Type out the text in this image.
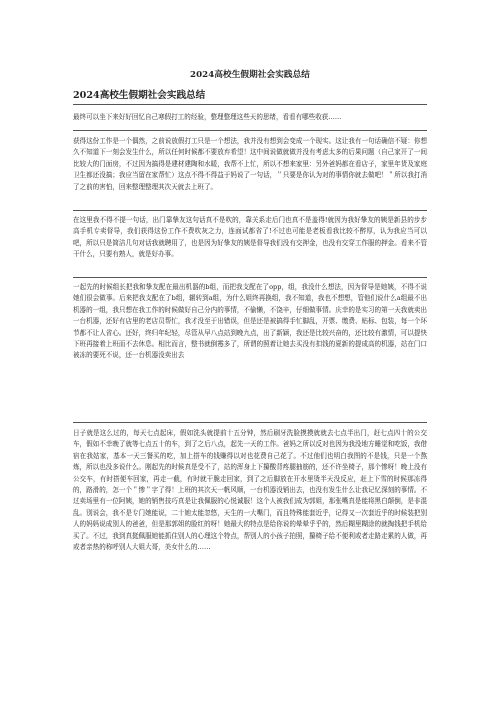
2024高校生假期社会实践总结
2024高校生假期社会实践总结

最终可以坐下来好好回忆自己寒假打工的经验，整理整理这些天的思绪，看看有哪些收获……

获得这份工作是一个偶然，之前说放假打工只是一个想法，我并没有想到会变成一个现实。这让我有一句话确信不疑：你想久不知道下一刻会发生什么，所以任何时候都不要放弃希望！这中间说做就做并没有考虑太多的后果问题（自己家开了一间比较大的门面房，不过因为搞得是建材建陶和水暖，我帮不上忙，所以不想来家里：另外爸妈都在看店子，家里年货及家庭卫生都还没搞；我应当留在家帮忙）这点不得不得益于妈说了一句话，＂只要是你认为对的事情你就去做吧！＂所以我打消了之前的害怕，回来整理整理其次天就去上班了。

在这里我不得不提一句话，出门靠挚友这句话真不是吹的，靠关系走后门也真不是盖得!就因为我好挚友的姨是新县的步步高手机专卖督导，我们获得这份工作不费吹灰之力，连面试都省了!不过也可能是老板看我比较不醉厚，认为我应当可以吧，所以只是简洁几句对话我就聘用了，也是因为好挚友的姨是督导我们没有交押金，也没有交穿工作服的押金。看来不管干什么，只要有熟人，就是好办事。

一起先的时候组长把我和挚友配在最出机器的b组，而把我支配在了opp，组，我没什么想法，因为督导是她姨，不得不说她们很会做事。后来把我支配在了b组，辗转到a组，为什么姐终再换组，我不知道，我也不想想，管他们说什么a组最不出机器的一组，我只想在我工作的时候做好自己分内的事情，不偷懒，不饶辛，仔细做事情。庆幸的是实习的第一天我就卖出一台机器，还好有店里的老店员帮忙，我才没至于出错误，但是还是被搞得手忙脚乱，开票、缴费、贴标、包装，每一个环节都不让人省心。还好，终归年纪轻，尽管从早八点站到晚九点，出了新颖，我还是比较兴奋的，还比较有激情，可以提快下班再接着上班而不去休息。相比而言，整书就倒霉多了，所谓的照着让她去买没有扣钱的夏新的提成高的机器，站在门口被冻的要死不说，还一台机器没卖出去

日子就是这么过的，每天七点起床，假如洗头就提前十五分钟，然后刷牙洗脸摸摸就就去七点半出门，赶七点四十的公交车，假如不幸晚了就等七点五十的车，到了之后八点，起先一天的工作。爸妈之所以反对也因为我没地方睡觉和吃饭，我借宿在我姑家，基本一天三餐买的吃，加上搭车的钱赚得以对也花费自己花了。不过他们也明白我图的不是钱，只是一个熬炼，所以也没多说什么。刚起先的时候真是受不了，站的浑身上下攥酸背疼腿抽筋的，还不许坐椅子，那个惨呀！晚上没有公交车，有时搭便车回家，再走一截，有时就干脆走回家，到了之后脚放在开水里烫半天没反应，赶上下雪的时候那冻得的，路滑的，怎一个＂惨＂字了得！上班的其次天一帆风顺，一台机器没销出去，也没有发生什么让我记忆深刻的事情。不过卖场里有一位阿姨，她的销售技巧真是让我佩服的心悦诚服！这个人被我们成为郭姐，那张嘴真是能将黑白颠倒，是非混乱。别说会，我不是专门她能说，二十她太能忽悠，天生的一大嘴门，而且特殊能套近乎，记得又一次套近乎的时候装把别人的妈妈说成别人的爸爸，但是那郭姐的脸红的呀！她最大的特点是给你说的晕晕乎乎的，然后糊里糊涂的就掏钱把手机给买了。不过，我到真挺佩服她能抓住别人的心理这个特点，帮别人的小孩子拍照，攥椅子给不便利或者走路走累的人做，再或者亲热的称呼别人大姐大哥，美女什么的……
